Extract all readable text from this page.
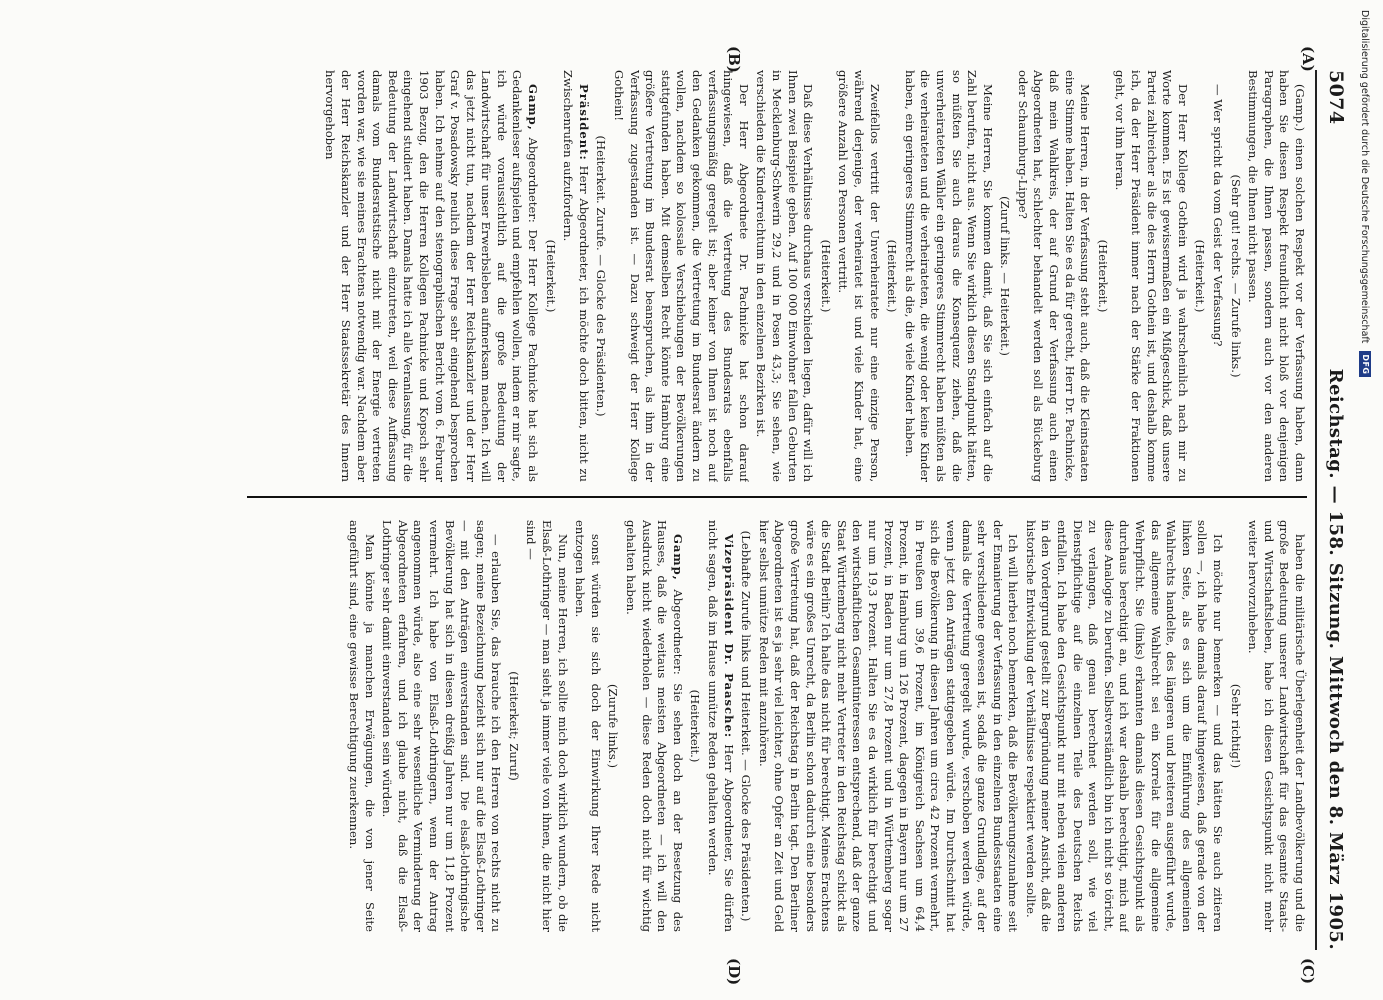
5074
Reichstag. — 158. Sitzung. Mittwoch den 8. März 1905.
(A)
(B)
(C)
(D)

(Gamp.) einen solchen Respekt vor der Verfassung haben, dann haben Sie diesen Respekt freundlicht nicht bloß vor denjenigen Paragraphen, die Ihnen passen, sondern auch vor den anderen Bestimmungen, die Ihnen nicht passen.

(Sehr gut! rechts. — Zurufe links.)

— Wer spricht da vom Geist der Verfassung?

(Heiterkeit.)

Der Herr Kollege Gothein wird ja wahrscheinlich nach mir zu Worte kommen. Es ist gewissermaßen ein Mißgeschick, daß unsere Partei zahlreicher als die des Herrn Gothein ist, und deshalb komme ich, da der Herr Präsident immer nach der Stärke der Fraktionen geht, vor ihm heran.

(Heiterkeit.)

Meine Herren, in der Verfassung steht auch, daß die Kleinstaaten eine Stimme haben. Halten Sie es da für gerecht, Herr Dr. Pachnicke, daß mein Wahlkreis, der auf Grund der Verfassung auch einen Abgeordneten hat, schlechter behandelt werden soll als Bückeburg oder Schaumburg-Lippe?

(Zuruf links. — Heiterkeit.)

Meine Herren, Sie kommen damit, daß Sie sich einfach auf die Zahl berufen, nicht aus. Wenn Sie wirklich diesen Standpunkt hätten, so müßten Sie auch daraus die Konsequenz ziehen, daß die unverheirateten Wähler ein geringeres Stimmrecht haben müßten als die verheirateten und die verheirateten, die wenig oder keine Kinder haben, ein geringeres Stimmrecht als die, die viele Kinder haben.

(Heiterkeit.)

Zweifellos vertritt der Unverheiratete nur eine einzige Person, während derjenige, der verheiratet ist und viele Kinder hat, eine größere Anzahl von Personen vertritt.

(Heiterkeit.)

Daß diese Verhältnisse durchaus verschieden liegen, dafür will ich Ihnen zwei Beispiele geben. Auf 100 000 Einwohner fallen Geburten in Mecklenburg-Schwerin 29,2 und in Posen 43,3; Sie sehen, wie verschieden die Kinderreichtum in den einzelnen Bezirken ist.

Der Herr Abgeordnete Dr. Pachnicke hat schon darauf hingewiesen, daß die Vertretung des Bundesrats ebenfalls verfassungsmäßig geregelt ist; aber keiner von Ihnen ist noch auf den Gedanken gekommen, die Vertretung im Bundesrat ändern zu wollen, nachdem so kolossale Verschiebungen der Bevölkerungen stattgefunden haben. Mit demselben Recht könnte Hamburg eine größere Vertretung im Bundesrat beanspruchen, als ihm in der Verfassung zugestanden ist. — Dazu schweigt der Herr Kollege Gothein!

(Heiterkeit. Zurufe. — Glocke des Präsidenten.)

Präsident: Herr Abgeordneter, ich möchte doch bitten, nicht zu Zwischenrufen aufzufordern.

(Heiterkeit.)

Gamp, Abgeordneter: Der Herr Kollege Pachnicke hat sich als Gedankenleser aufspielen und empfehlen wollen, indem er mir sagte, ich würde voraussichtlich auf die große Bedeutung der Landwirtschaft für unser Erwerbsleben aufmerksam machen. Ich will das jetzt nicht tun, nachdem der Herr Reichskanzler und der Herr Graf v. Posadowsky neulich diese Frage sehr eingehend besprochen haben. Ich nehme auf den stenographischen Bericht vom 6. Februar 1903 Bezug, den die Herren Kollegen Pachnicke und Kopsch sehr eingehend studiert haben. Damals hatte ich alle Veranlassung, für die Bedeutung der Landwirtschaft einzutreten, weil diese Auffassung damals vom Bundesratstische nicht mit der Energie vertreten worden war, wie sie meines Erachtens notwendig war. Nachdem aber der Herr Reichskanzler und der Herr Staatssekretär des Innern hervorgehoben

haben die militärische Überlegenheit der Landbevölkerung und die große Bedeutung unserer Landwirtschaft für das gesamte Staats- und Wirtschaftsleben, habe ich diesen Gesichtspunkt nicht mehr weiter hervorzuheben.

(Sehr richtig!)

Ich möchte nur bemerken — und das hätten Sie auch zitieren sollen —, ich habe damals darauf hingewiesen, daß gerade von der linken Seite, als es sich um die Einführung des allgemeinen Wahlrechts handelte, des längeren und breiteren ausgeführt wurde, das allgemeine Wahlrecht sei ein Korrelat für die allgemeine Wehrpflicht. Sie (links) erkannten damals diesen Gesichtspunkt als durchaus berechtigt an, und ich war deshalb berechtigt, mich auf diese Analogie zu berufen. Selbstverständlich bin ich nicht so töricht, zu verlangen, daß genau berechnet werden soll, wie viel Dienstpflichtige auf die einzelnen Teile des Deutschen Reichs entfallen. Ich habe den Gesichtspunkt nur mit neben vielen anderen in den Vordergrund gestellt zur Begründung meiner Ansicht, daß die historische Entwicklung der Verhältnisse respektiert werden sollte.

Ich will hierbei noch bemerken, daß die Bevölkerungszunahme seit der Emanierung der Verfassung in den einzelnen Bundesstaaten eine sehr verschiedene gewesen ist, sodaß die ganze Grundlage, auf der damals die Vertretung geregelt wurde, verschoben werden würde, wenn jetzt den Anträgen stattgegeben würde. Im Durchschnitt hat sich die Bevölkerung in diesen Jahren um circa 42 Prozent vermehrt, in Preußen um 39,6 Prozent, im Königreich Sachsen um 64,4 Prozent, in Hamburg um 126 Prozent, dagegen in Bayern nur um 27 Prozent, in Baden nur um 27,8 Prozent und in Württemberg sogar nur um 19,3 Prozent. Halten Sie es da wirklich für berechtigt und den wirtschaftlichen Gesamtinteressen entsprechend, daß der ganze Staat Württemberg nicht mehr Vertreter in den Reichstag schickt als die Stadt Berlin? Ich halte das nicht für berechtigt. Meines Erachtens wäre es ein großes Unrecht, da Berlin schon dadurch eine besonders große Vertretung hat, daß der Reichstag in Berlin tagt. Den Berliner Abgeordneten ist es ja sehr viel leichter, ohne Opfer an Zeit und Geld hier selbst unnütze Reden mit anzuhören.

(Lebhafte Zurufe links und Heiterkeit. — Glocke des Präsidenten.)

Vizepräsident Dr. Paasche: Herr Abgeordneter, Sie dürfen nicht sagen, daß im Hause unnütze Reden gehalten werden.

(Heiterkeit.)

Gamp, Abgeordneter: Sie sehen doch an der Besetzung des Hauses, daß die weitaus meisten Abgeordneten — ich will den Ausdruck nicht wiederholen — diese Reden doch nicht für wichtig gehalten haben.

(Zurufe links.)

sonst würden sie sich doch der Einwirkung Ihrer Rede nicht entzogen haben.

Nun, meine Herren, ich sollte mich doch wirklich wundern, ob die Elsaß-Lothringer — man sieht ja immer viele von ihnen, die nicht hier sind —

(Heiterkeit; Zuruf)

— erlauben Sie, das brauche ich den Herren von rechts nicht zu sagen; meine Bezeichnung bezieht sich nur auf die Elsaß-Lothringer — mit den Anträgen einverstanden sind. Die elsaß-lothringische Bevölkerung hat sich in diesen dreißig Jahren nur um 11,8 Prozent vermehrt. Ich habe von Elsaß-Lothringern, wenn der Antrag angenommen würde, also eine sehr wesentliche Verminderung der Abgeordneten erfahren, und ich glaube nicht, daß die Elsaß-Lothringer sehr damit einverstanden sein würden.

Man könnte ja manchen Erwägungen, die von jener Seite angeführt sind, eine gewisse Berechtigung zuerkennen.

Digitalisierung gefördert durch die Deutsche Forschungsgemeinschaft
DFG
